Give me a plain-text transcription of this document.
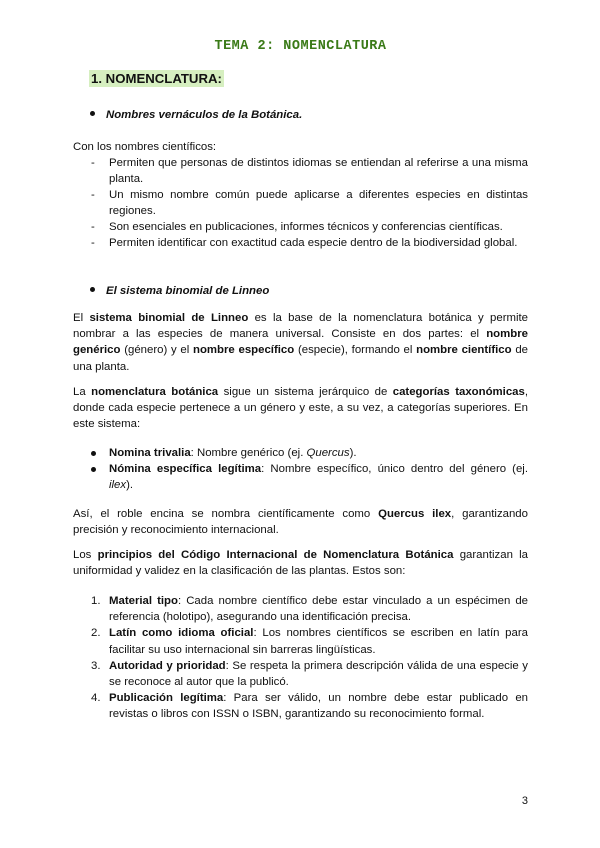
TEMA 2: NOMENCLATURA
1. NOMENCLATURA:
Nombres vernáculos de la Botánica.
Con los nombres científicos:
- Permiten que personas de distintos idiomas se entiendan al referirse a una misma planta.
- Un mismo nombre común puede aplicarse a diferentes especies en distintas regiones.
- Son esenciales en publicaciones, informes técnicos y conferencias científicas.
- Permiten identificar con exactitud cada especie dentro de la biodiversidad global.
El sistema binomial de Linneo
El sistema binomial de Linneo es la base de la nomenclatura botánica y permite nombrar a las especies de manera universal. Consiste en dos partes: el nombre genérico (género) y el nombre específico (especie), formando el nombre científico de una planta.
La nomenclatura botánica sigue un sistema jerárquico de categorías taxonómicas, donde cada especie pertenece a un género y este, a su vez, a categorías superiores. En este sistema:
Nomina trivalia: Nombre genérico (ej. Quercus).
Nómina específica legítima: Nombre específico, único dentro del género (ej. ilex).
Así, el roble encina se nombra científicamente como Quercus ilex, garantizando precisión y reconocimiento internacional.
Los principios del Código Internacional de Nomenclatura Botánica garantizan la uniformidad y validez en la clasificación de las plantas. Estos son:
1. Material tipo: Cada nombre científico debe estar vinculado a un espécimen de referencia (holotipo), asegurando una identificación precisa.
2. Latín como idioma oficial: Los nombres científicos se escriben en latín para facilitar su uso internacional sin barreras lingüísticas.
3. Autoridad y prioridad: Se respeta la primera descripción válida de una especie y se reconoce al autor que la publicó.
4. Publicación legítima: Para ser válido, un nombre debe estar publicado en revistas o libros con ISSN o ISBN, garantizando su reconocimiento formal.
3
